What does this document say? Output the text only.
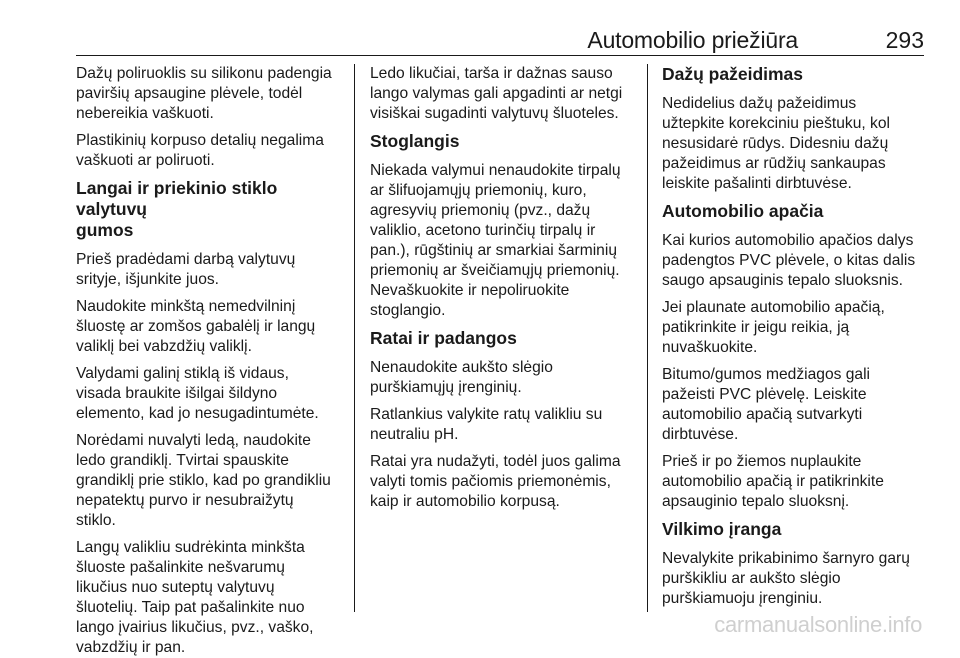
Automobilio priežiūra	293
Dažų poliruoklis su silikonu padengia
paviršių apsaugine plėvele, todėl
nebereikia vaškuoti.
Plastikinių korpuso detalių negalima
vaškuoti ar poliruoti.
Langai ir priekinio stiklo valytuvų
gumos
Prieš pradėdami darbą valytuvų
srityje, išjunkite juos.
Naudokite minkštą nemedvilninį
šluostę ar zomšos gabalėlį ir langų
valiklį bei vabzdžių valiklį.
Valydami galinį stiklą iš vidaus,
visada braukite išilgai šildyno
elemento, kad jo nesugadintumėte.
Norėdami nuvalyti ledą, naudokite
ledo grandiklį. Tvirtai spauskite
grandiklį prie stiklo, kad po grandikliu
nepatektų purvo ir nesubraižytų
stiklo.
Langų valikliu sudrėkinta minkšta
šluoste pašalinkite nešvarumų
likučius nuo suteptų valytuvų
šluotelių. Taip pat pašalinkite nuo
lango įvairius likučius, pvz., vaško,
vabzdžių ir pan.
Ledo likučiai, tarša ir dažnas sauso
lango valymas gali apgadinti ar netgi
visiškai sugadinti valytuvų šluoteles.
Stoglangis
Niekada valymui nenaudokite tirpalų
ar šlifuojamųjų priemonių, kuro,
agresyvių priemonių (pvz., dažų
valiklio, acetono turinčių tirpalų ir
pan.), rūgštinių ar smarkiai šarminių
priemonių ar šveičiamųjų priemonių.
Nevaškuokite ir nepoliruokite
stoglangio.
Ratai ir padangos
Nenaudokite aukšto slėgio
purškiamųjų įrenginių.
Ratlankius valykite ratų valikliu su
neutraliu pH.
Ratai yra nudažyti, todėl juos galima
valyti tomis pačiomis priemonėmis,
kaip ir automobilio korpusą.
Dažų pažeidimas
Nedidelius dažų pažeidimus
užtepkite korekciniu pieštuku, kol
nesusidarė rūdys. Didesniu dažų
pažeidimus ar rūdžių sankaupas
leiskite pašalinti dirbtuvėse.
Automobilio apačia
Kai kurios automobilio apačios dalys
padengtos PVC plėvele, o kitas dalis
saugo apsauginis tepalo sluoksnis.
Jei plaunate automobilio apačią,
patikrinkite ir jeigu reikia, ją
nuvaškuokite.
Bitumo/gumos medžiagos gali
pažeisti PVC plėvelę. Leiskite
automobilio apačią sutvarkyti
dirbtuvėse.
Prieš ir po žiemos nuplaukite
automobilio apačią ir patikrinkite
apsauginio tepalo sluoksnį.
Vilkimo įranga
Nevalykite prikabinimo šarnyro garų
purškikliu ar aukšto slėgio
purškiamuoju įrenginiu.
carmanualsonline.info
